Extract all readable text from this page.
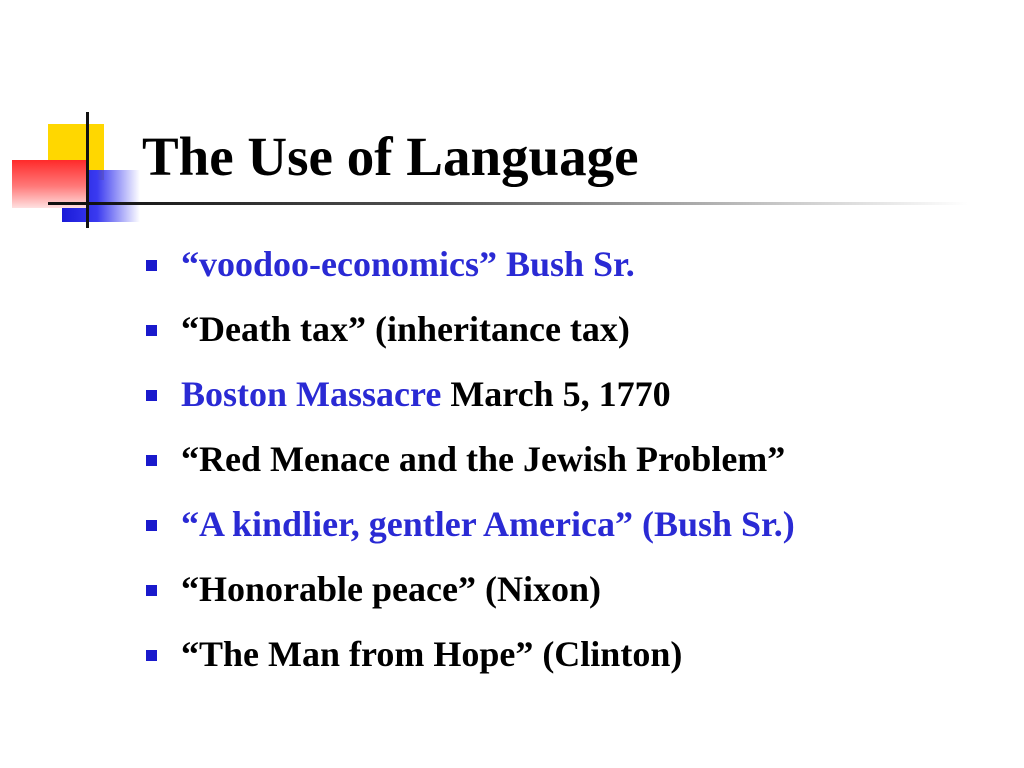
The Use of Language
“voodoo-economics” Bush Sr.
“Death tax” (inheritance tax)
Boston Massacre March 5, 1770
“Red Menace and the Jewish Problem”
“A kindlier, gentler America” (Bush Sr.)
“Honorable peace” (Nixon)
“The Man from Hope” (Clinton)
